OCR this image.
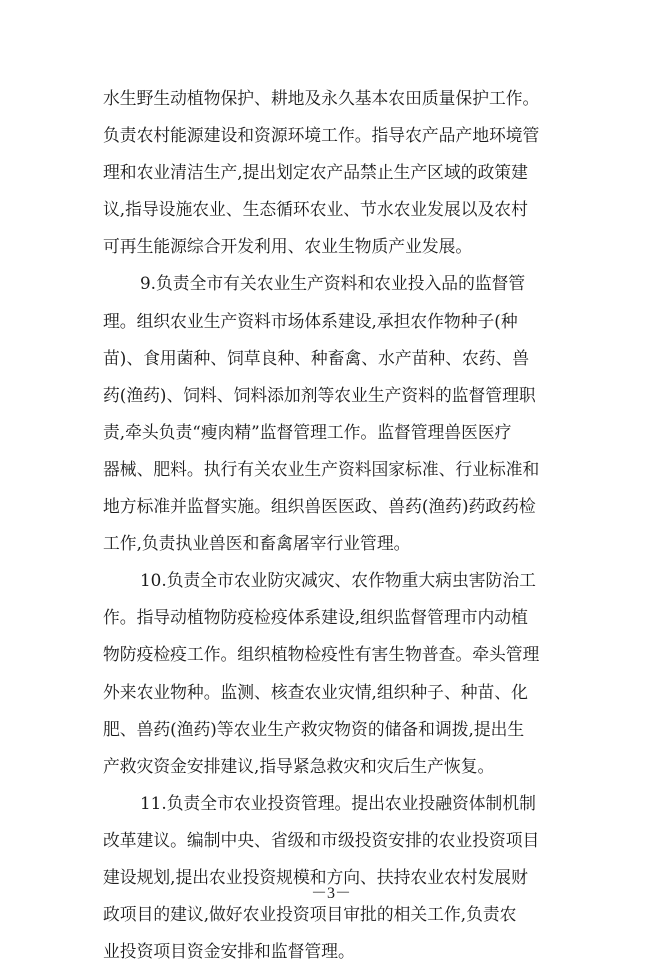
水生野生动植物保护、耕地及永久基本农田质量保护工作。
负责农村能源建设和资源环境工作。指导农产品产地环境管
理和农业清洁生产,提出划定农产品禁止生产区域的政策建
议,指导设施农业、生态循环农业、节水农业发展以及农村
可再生能源综合开发利用、农业生物质产业发展。
9.负责全市有关农业生产资料和农业投入品的监督管
理。组织农业生产资料市场体系建设,承担农作物种子(种
苗)、食用菌种、饲草良种、种畜禽、水产苗种、农药、兽
药(渔药)、饲料、饲料添加剂等农业生产资料的监督管理职
责,牵头负责“瘦肉精”监督管理工作。监督管理兽医医疗
器械、肥料。执行有关农业生产资料国家标准、行业标准和
地方标准并监督实施。组织兽医医政、兽药(渔药)药政药检
工作,负责执业兽医和畜禽屠宰行业管理。
10.负责全市农业防灾减灾、农作物重大病虫害防治工
作。指导动植物防疫检疫体系建设,组织监督管理市内动植
物防疫检疫工作。组织植物检疫性有害生物普查。牵头管理
外来农业物种。监测、核查农业灾情,组织种子、种苗、化
肥、兽药(渔药)等农业生产救灾物资的储备和调拨,提出生
产救灾资金安排建议,指导紧急救灾和灾后生产恢复。
11.负责全市农业投资管理。提出农业投融资体制机制
改革建议。编制中央、省级和市级投资安排的农业投资项目
建设规划,提出农业投资规模和方向、扶持农业农村发展财
政项目的建议,做好农业投资项目审批的相关工作,负责农
业投资项目资金安排和监督管理。
－3－
